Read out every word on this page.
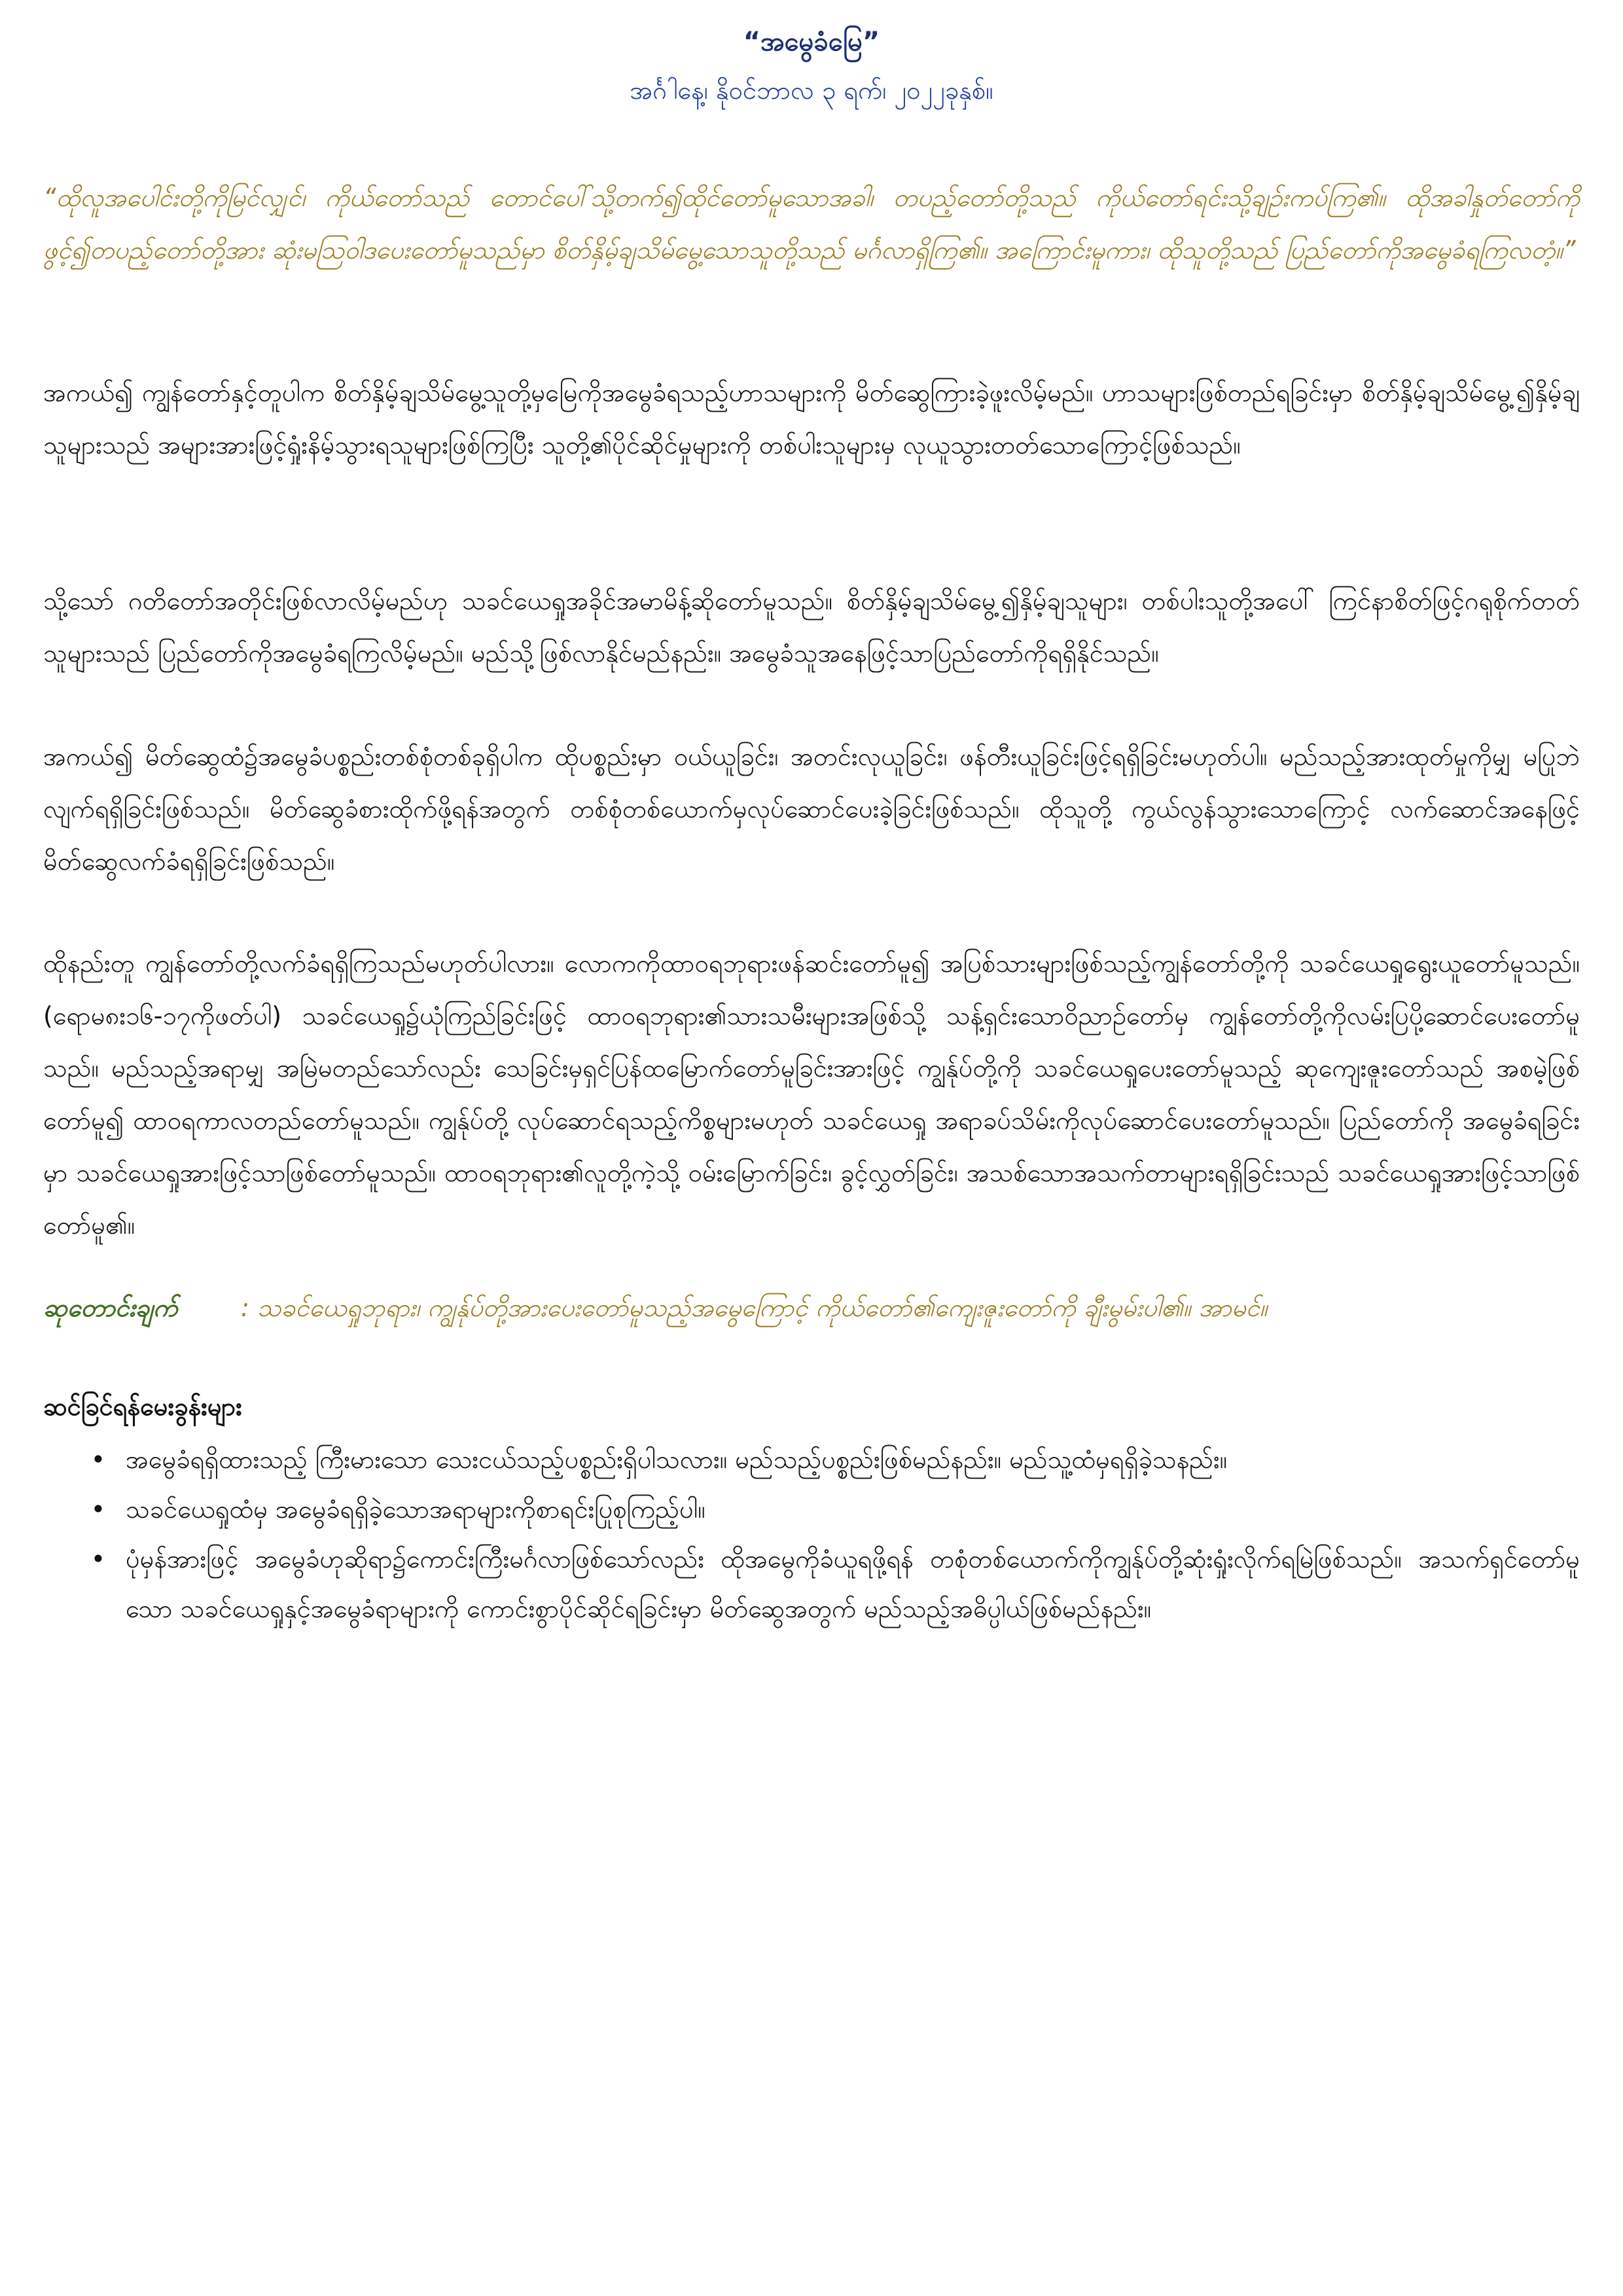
“အမွေခံမြေ”
အင်္ဂါနေ့၊ နိုဝင်ဘာလ ၃ ရက်၊ ၂၀၂၂ခုနှစ်။

“ထိုလူအပေါင်းတို့ကိုမြင်လျှင်၊ ကိုယ်တော်သည် တောင်ပေါ်သို့တက်၍ထိုင်တော်မူသောအခါ၊ တပည့်တော်တို့သည် ကိုယ်တော်ရင်းသို့ချဉ်းကပ်ကြ၏။ ထိုအခါနှုတ်တော်ကိုဖွင့်၍တပည့်တော်တို့အား ဆုံးမဩဝါဒပေးတော်မူသည်မှာ စိတ်နှိမ့်ချသိမ်မွေ့သောသူတို့သည် မင်္ဂလာရှိကြ၏။ အကြောင်းမူကား၊ ထိုသူတို့သည် ပြည်တော်ကိုအမွေခံရကြလတံ့။”

အကယ်၍ ကျွန်တော်နှင့်တူပါက စိတ်နှိမ့်ချသိမ်မွေ့သူတို့မှမြေကိုအမွေခံရသည့်ဟာသများကို မိတ်ဆွေကြားခဲ့ဖူးလိမ့်မည်။ ဟာသများဖြစ်တည်ရခြင်းမှာ စိတ်နှိမ့်ချသိမ်မွေ့၍နှိမ့်ချသူများသည် အများအားဖြင့်ရှုံးနိမ့်သွားရသူများဖြစ်ကြပြီး သူတို့၏ပိုင်ဆိုင်မှုများကို တစ်ပါးသူများမှ လုယူသွားတတ်သောကြောင့်ဖြစ်သည်။

သို့သော် ဂတိတော်အတိုင်းဖြစ်လာလိမ့်မည်ဟု သခင်ယေရှုအခိုင်အမာမိန့်ဆိုတော်မူသည်။ စိတ်နှိမ့်ချသိမ်မွေ့၍နှိမ့်ချသူများ၊ တစ်ပါးသူတို့အပေါ် ကြင်နာစိတ်ဖြင့်ဂရုစိုက်တတ်သူများသည် ပြည်တော်ကိုအမွေခံရကြလိမ့်မည်။ မည်သို့ဖြစ်လာနိုင်မည်နည်း။ အမွေခံသူအနေဖြင့်သာပြည်တော်ကိုရရှိနိုင်သည်။

အကယ်၍ မိတ်ဆွေထံ၌အမွေခံပစ္စည်းတစ်စုံတစ်ခုရှိပါက ထိုပစ္စည်းမှာ ဝယ်ယူခြင်း၊ အတင်းလုယူခြင်း၊ ဖန်တီးယူခြင်းဖြင့်ရရှိခြင်းမဟုတ်ပါ။ မည်သည့်အားထုတ်မှုကိုမျှ မပြုဘဲလျက်ရရှိခြင်းဖြစ်သည်။ မိတ်ဆွေခံစားထိုက်ဖို့ရန်အတွက် တစ်စုံတစ်ယောက်မှလုပ်ဆောင်ပေးခဲ့ခြင်းဖြစ်သည်။ ထိုသူတို့ ကွယ်လွန်သွားသောကြောင့် လက်ဆောင်အနေဖြင့် မိတ်ဆွေလက်ခံရရှိခြင်းဖြစ်သည်။

ထိုနည်းတူ ကျွန်တော်တို့လက်ခံရရှိကြသည်မဟုတ်ပါလား။ လောကကိုထာဝရဘုရားဖန်ဆင်းတော်မူ၍ အပြစ်သားများဖြစ်သည့်ကျွန်တော်တို့ကို သခင်ယေရှုရွေးယူတော်မူသည်။ (ရောမ၈း၁၆-၁၇ကိုဖတ်ပါ) သခင်ယေရှု၌ယုံကြည်ခြင်းဖြင့် ထာဝရဘုရား၏သားသမီးများအဖြစ်သို့ သန့်ရှင်းသောဝိညာဉ်တော်မှ ကျွန်တော်တို့ကိုလမ်းပြပို့ဆောင်ပေးတော်မူသည်။ မည်သည့်အရာမျှ အမြဲမတည်သော်လည်း သေခြင်းမှရှင်ပြန်ထမြောက်တော်မူခြင်းအားဖြင့် ကျွန်ုပ်တို့ကို သခင်ယေရှုပေးတော်မူသည့် ဆုကျေးဇူးတော်သည် အစမဲ့ဖြစ်တော်မူ၍ ထာဝရကာလတည်တော်မူသည်။ ကျွန်ုပ်တို့ လုပ်ဆောင်ရသည့်ကိစ္စများမဟုတ် သခင်ယေရှု အရာခပ်သိမ်းကိုလုပ်ဆောင်ပေးတော်မူသည်။ ပြည်တော်ကို အမွေခံရခြင်းမှာ သခင်ယေရှုအားဖြင့်သာဖြစ်တော်မူသည်။ ထာဝရဘုရား၏လူတို့ကဲ့သို့ ဝမ်းမြောက်ခြင်း၊ ခွင့်လွှတ်ခြင်း၊ အသစ်သောအသက်တာများရရှိခြင်းသည် သခင်ယေရှုအားဖြင့်သာဖြစ်တော်မူ၏။

ဆုတောင်းချက်	: သခင်ယေရှုဘုရား၊ ကျွန်ုပ်တို့အားပေးတော်မူသည့်အမွေကြောင့် ကိုယ်တော်၏ကျေးဇူးတော်ကို ချီးမွမ်းပါ၏။ အာမင်။
ဆင်ခြင်ရန်မေးခွန်းများ
• အမွေခံရရှိထားသည့် ကြီးမားသော သေးငယ်သည့်ပစ္စည်းရှိပါသလား။ မည်သည့်ပစ္စည်းဖြစ်မည်နည်း။ မည်သူ့ထံမှရရှိခဲ့သနည်း။
• သခင်ယေရှုထံမှ အမွေခံရရှိခဲ့သောအရာများကိုစာရင်းပြုစုကြည့်ပါ။
• ပုံမှန်အားဖြင့် အမွေခံဟုဆိုရာ၌ကောင်းကြီးမင်္ဂလာဖြစ်သော်လည်း ထိုအမွေကိုခံယူရဖို့ရန် တစုံတစ်ယောက်ကိုကျွန်ုပ်တို့ဆုံးရှုံးလိုက်ရမြဲဖြစ်သည်။ အသက်ရှင်တော်မူသော သခင်ယေရှုနှင့်အမွေခံရာများကို ကောင်းစွာပိုင်ဆိုင်ရခြင်းမှာ မိတ်ဆွေအတွက် မည်သည့်အဓိပ္ပါယ်ဖြစ်မည်နည်း။
